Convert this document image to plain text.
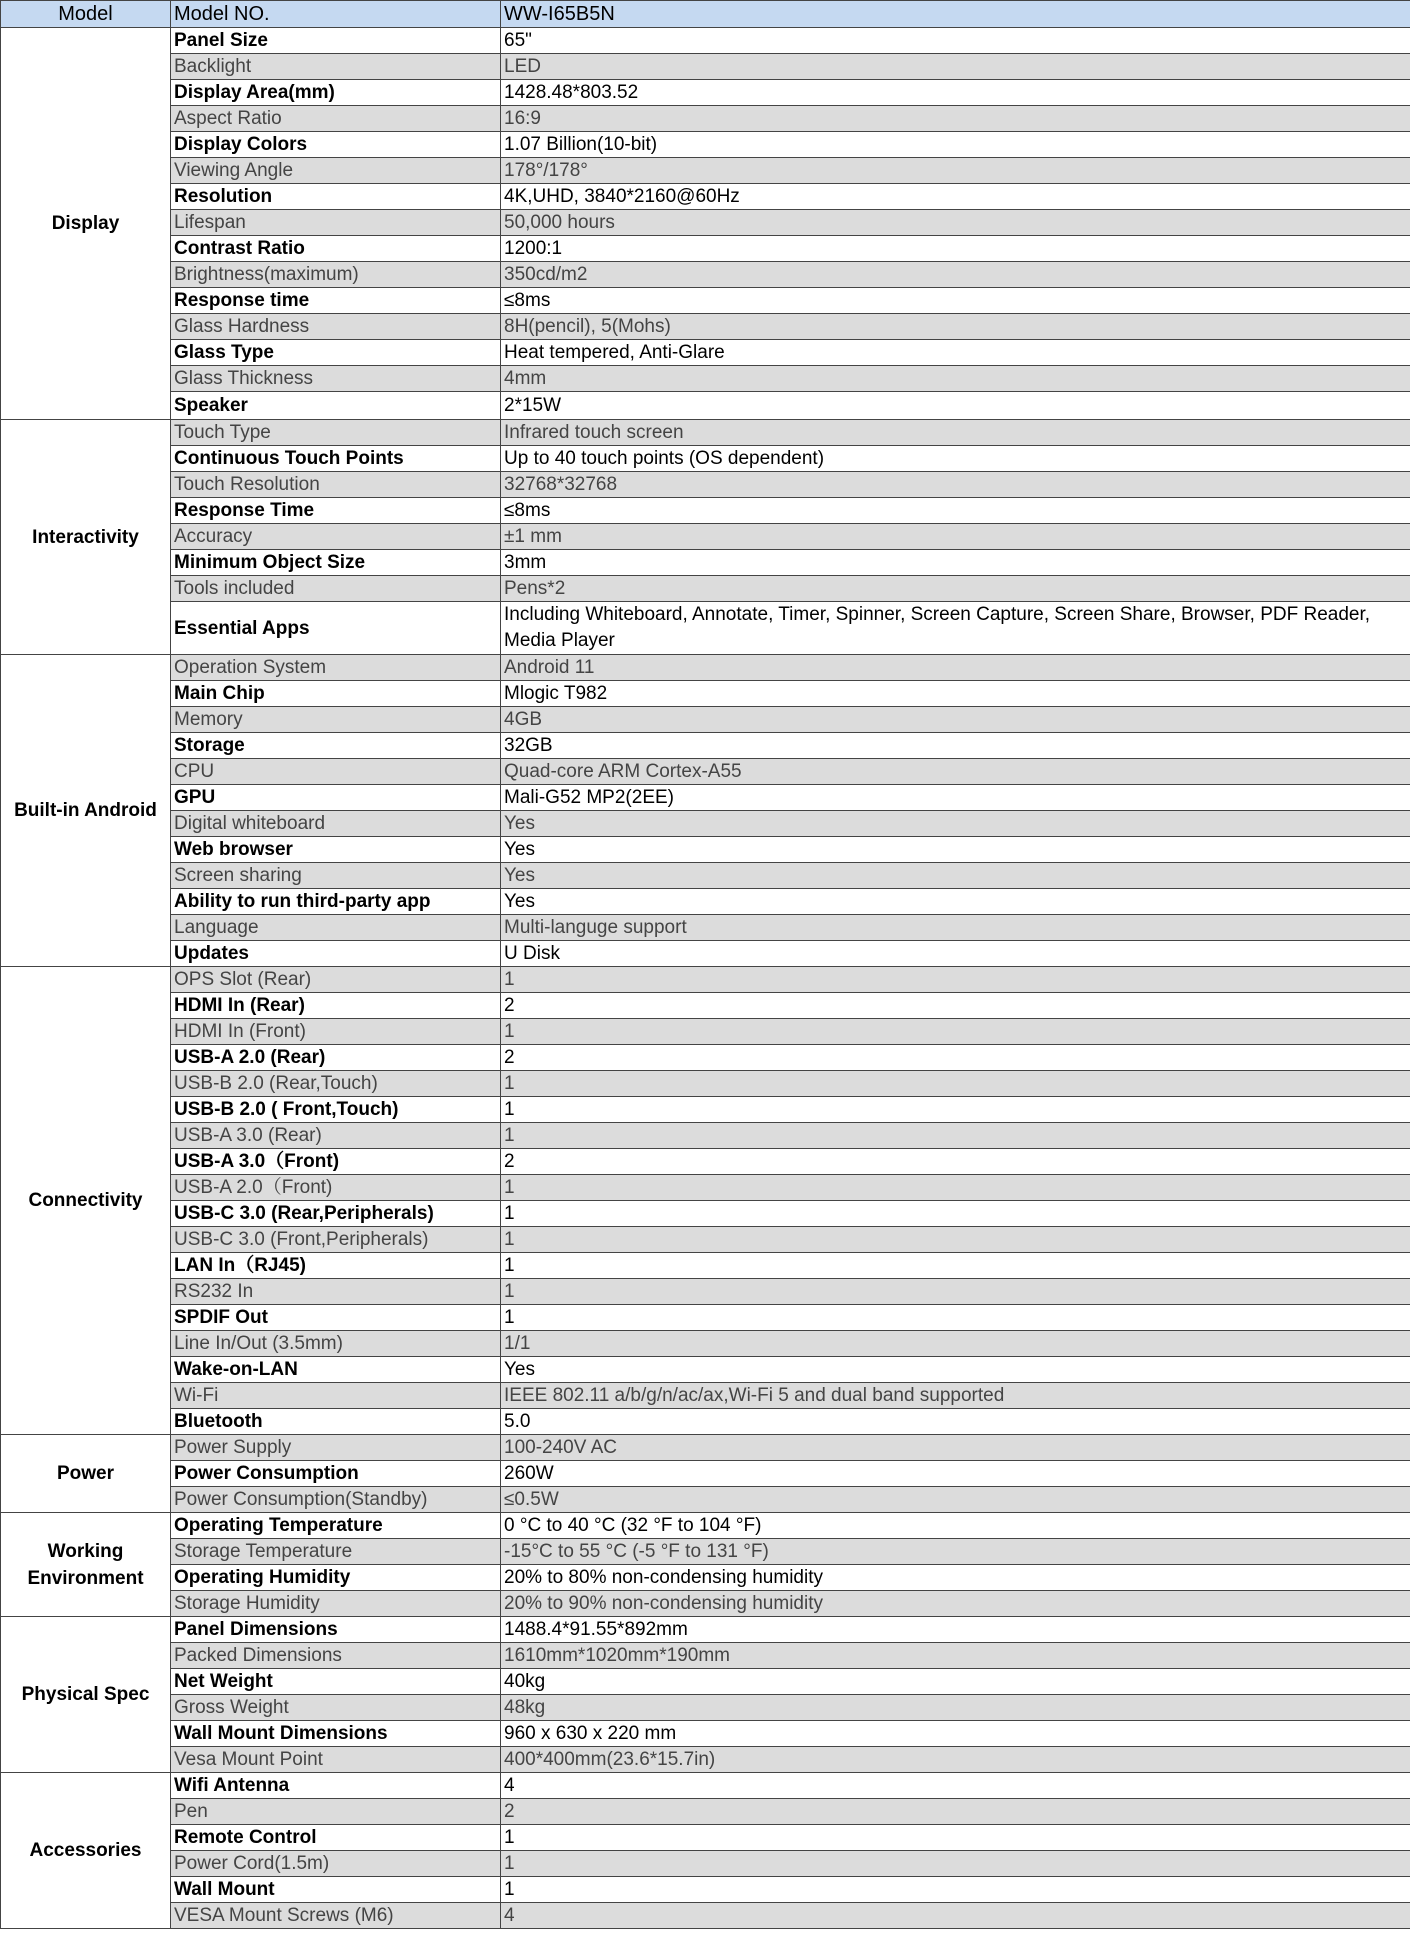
Model	Model NO.	WW-I65B5N
Display	Panel Size	65"
	Backlight	LED
	Display Area(mm)	1428.48*803.52
	Aspect Ratio	16:9
	Display Colors	1.07 Billion(10-bit)
	Viewing Angle	178°/178°
	Resolution	4K,UHD, 3840*2160@60Hz
	Lifespan	50,000 hours
	Contrast Ratio	1200:1
	Brightness(maximum)	350cd/m2
	Response time	≤8ms
	Glass Hardness	8H(pencil), 5(Mohs)
	Glass Type	Heat tempered, Anti-Glare
	Glass Thickness	4mm
	Speaker	2*15W
Interactivity	Touch Type	Infrared touch screen
	Continuous Touch Points	Up to 40 touch points (OS dependent)
	Touch Resolution	32768*32768
	Response Time	≤8ms
	Accuracy	±1 mm
	Minimum Object Size	3mm
	Tools included	Pens*2
	Essential Apps	Including Whiteboard, Annotate, Timer, Spinner, Screen Capture, Screen Share, Browser, PDF Reader, Media Player
Built-in Android	Operation System	Android 11
	Main Chip	Mlogic T982
	Memory	4GB
	Storage	32GB
	CPU	Quad-core ARM Cortex-A55
	GPU	Mali-G52 MP2(2EE)
	Digital whiteboard	Yes
	Web browser	Yes
	Screen sharing	Yes
	Ability to run third-party app	Yes
	Language	Multi-languge support
	Updates	U Disk
Connectivity	OPS Slot (Rear)	1
	HDMI In (Rear)	2
	HDMI In (Front)	1
	USB-A 2.0 (Rear)	2
	USB-B 2.0 (Rear,Touch)	1
	USB-B 2.0 ( Front,Touch)	1
	USB-A 3.0 (Rear)	1
	USB-A 3.0（Front)	2
	USB-A 2.0（Front)	1
	USB-C 3.0 (Rear,Peripherals)	1
	USB-C 3.0 (Front,Peripherals)	1
	LAN In（RJ45)	1
	RS232 In	1
	SPDIF Out	1
	Line In/Out (3.5mm)	1/1
	Wake-on-LAN	Yes
	Wi-Fi	IEEE 802.11 a/b/g/n/ac/ax,Wi-Fi 5 and dual band supported
	Bluetooth	5.0
Power	Power Supply	100-240V AC
	Power Consumption	260W
	Power Consumption(Standby)	≤0.5W
Working Environment	Operating Temperature	0 °C to 40 °C (32 °F to 104 °F)
	Storage Temperature	-15°C to 55 °C (-5 °F to 131 °F)
	Operating Humidity	20% to 80% non-condensing humidity
	Storage Humidity	20% to 90% non-condensing humidity
Physical Spec	Panel Dimensions	1488.4*91.55*892mm
	Packed Dimensions	1610mm*1020mm*190mm
	Net Weight	40kg
	Gross Weight	48kg
	Wall Mount Dimensions	960 x 630 x 220 mm
	Vesa Mount Point	400*400mm(23.6*15.7in)
Accessories	Wifi Antenna	4
	Pen	2
	Remote Control	1
	Power Cord(1.5m)	1
	Wall Mount	1
	VESA Mount Screws (M6)	4
